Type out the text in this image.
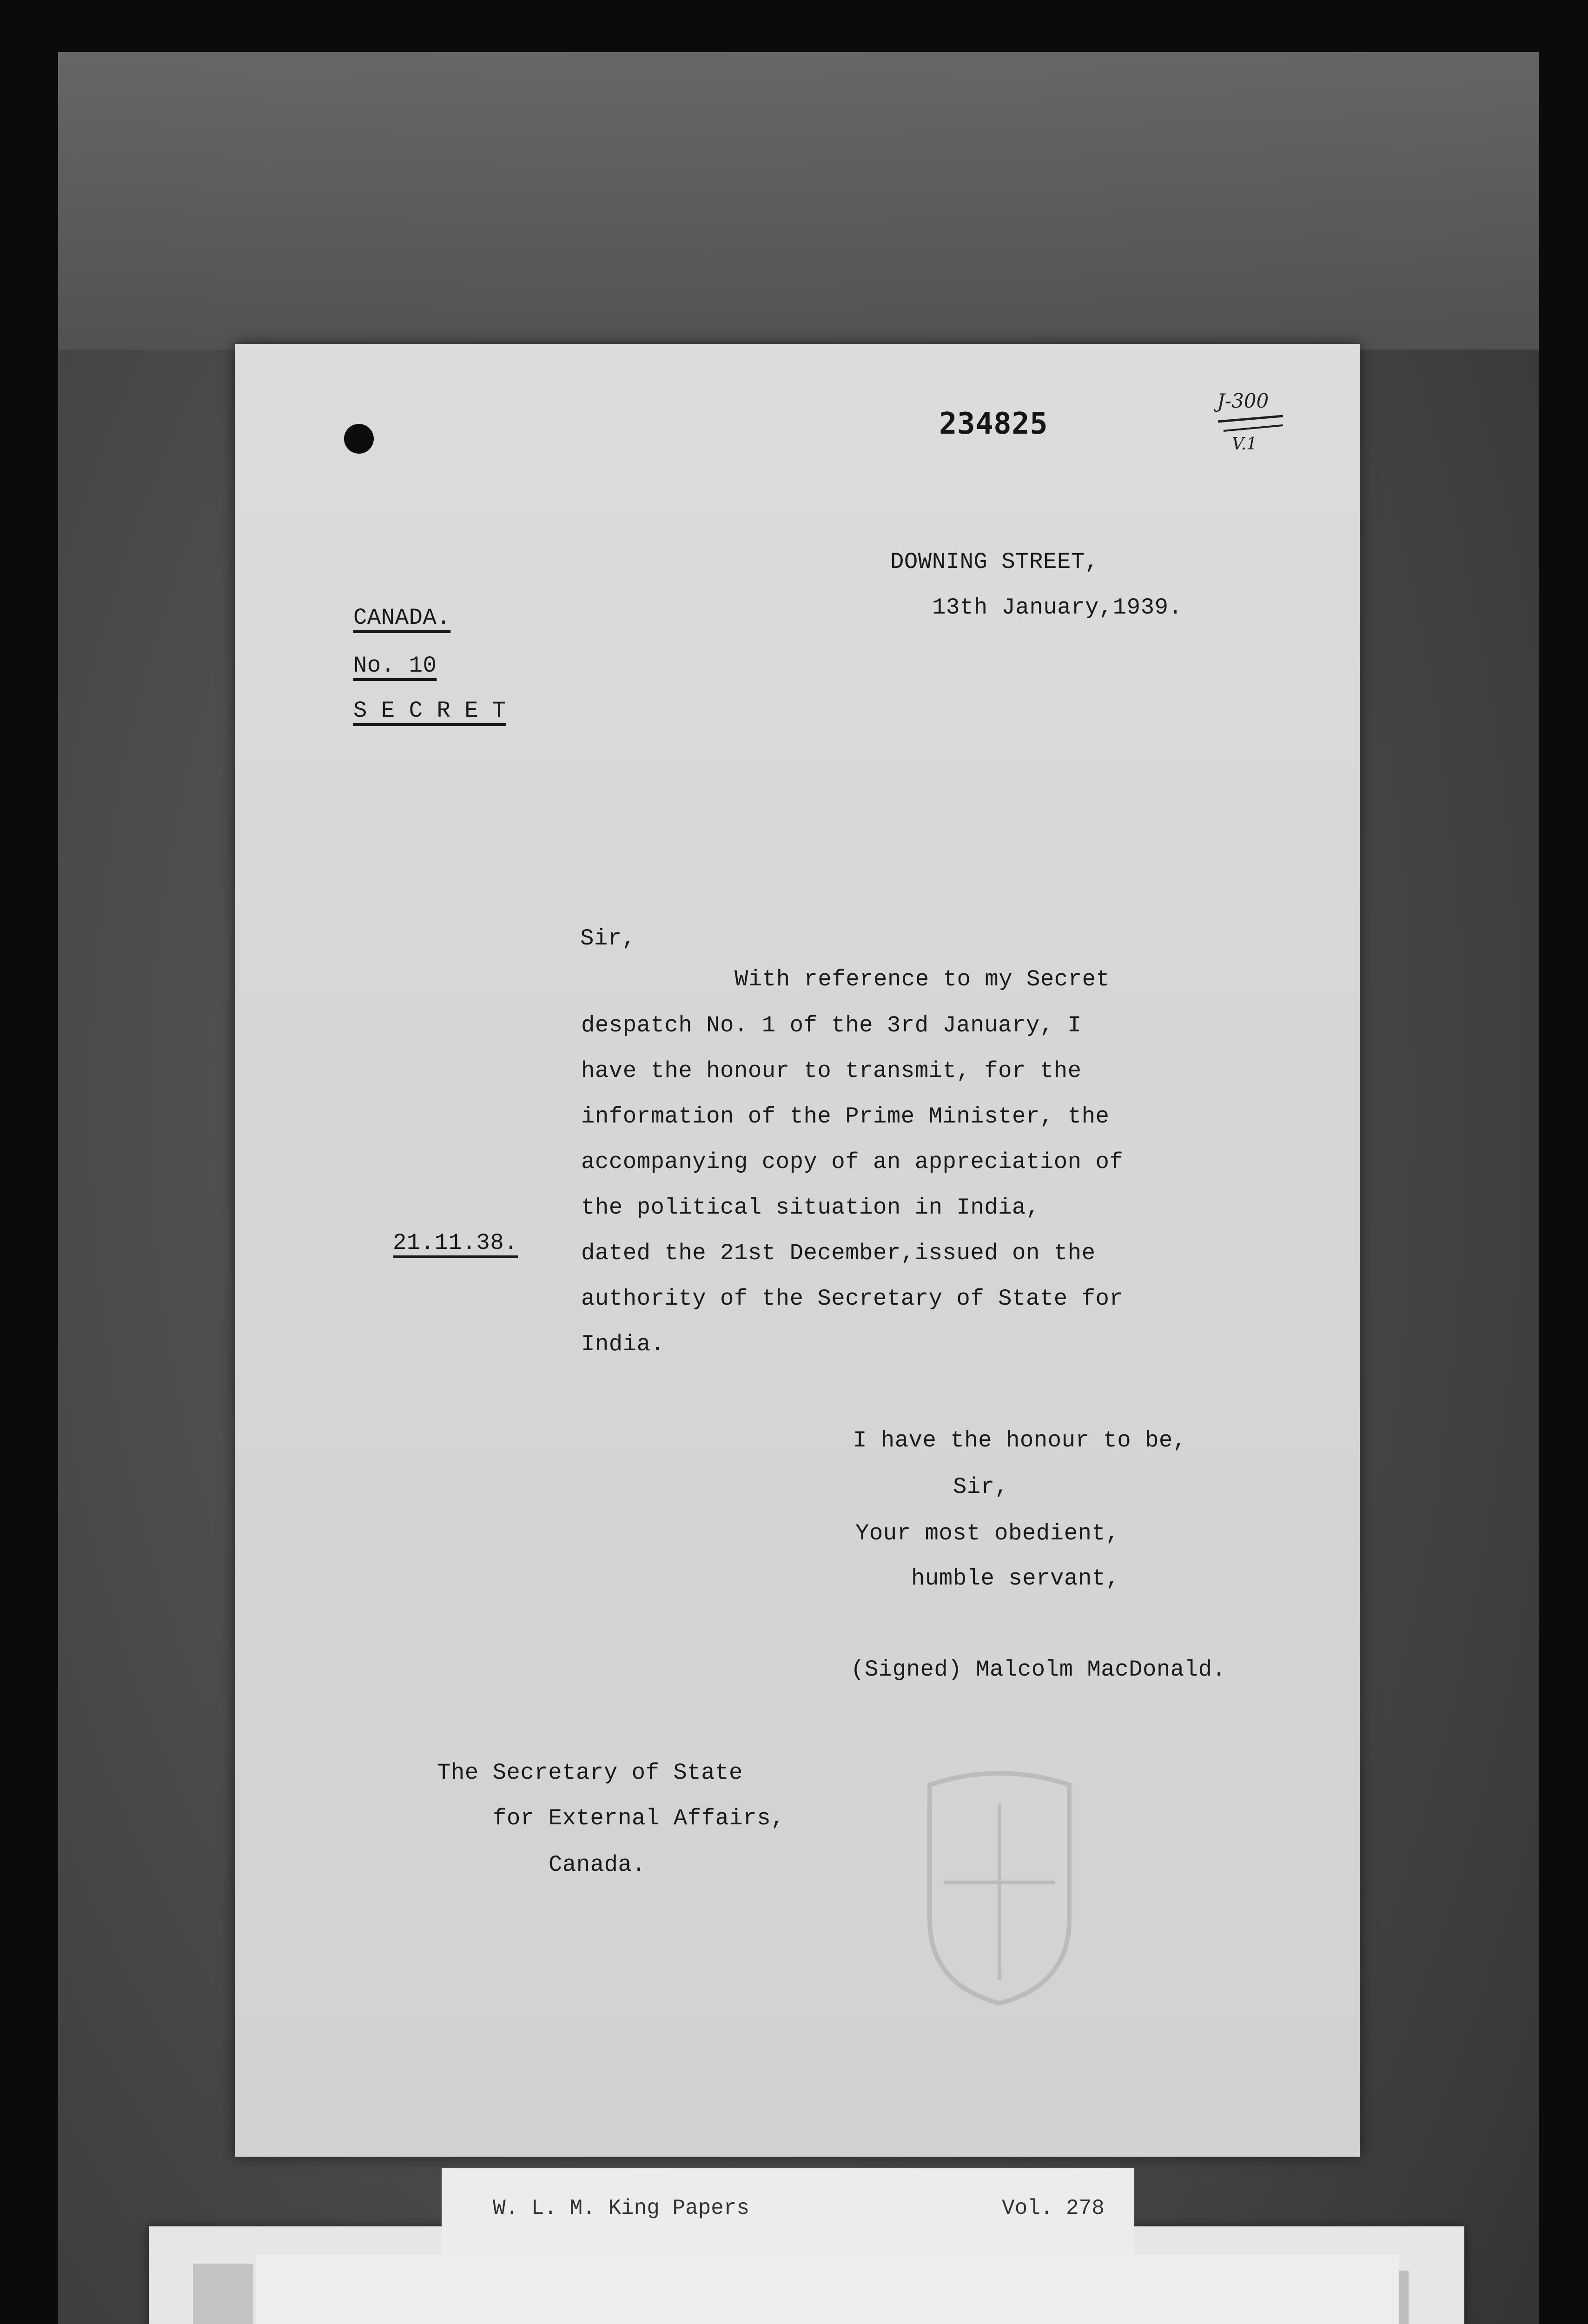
234825
J-300
V.1
DOWNING STREET,
13th January,1939.
CANADA.
No. 10
S E C R E T
Sir,
With reference to my Secret
despatch No. 1 of the 3rd January, I
have the honour to transmit, for the
information of the Prime Minister, the
accompanying copy of an appreciation of
the political situation in India,
dated the 21st December,issued on the
authority of the Secretary of State for
India.
21.11.38.
I have the honour to be,
Sir,
Your most obedient,
humble servant,
(Signed) Malcolm MacDonald.
The Secretary of State
for External Affairs,
Canada.
W. L. M. King Papers	Vol. 278
